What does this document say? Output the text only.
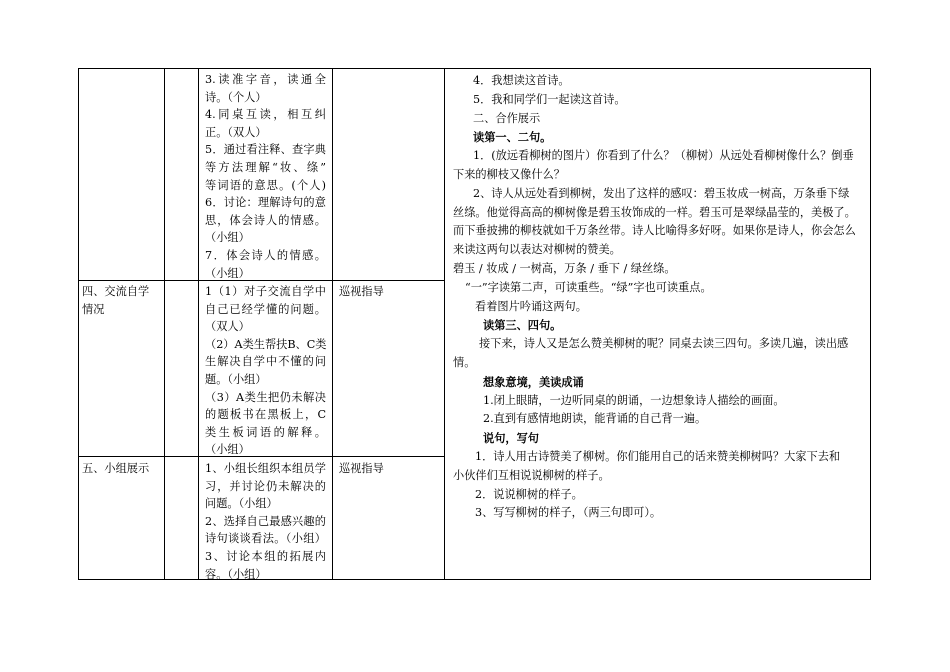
3.读准字音，读通全

诗。（个人）

4.同桌互读，相互纠

正。（双人）

5．通过看注释、查字典

等方法理解“妆、绦”

等词语的意思。(个人)

6．讨论：理解诗句的意

思，体会诗人的情感。

（小组）

7．体会诗人的情感。

（小组）

四、交流自学

情况

1（1）对子交流自学中

自己已经学懂的问题。

（双人）

（2）A类生帮扶B、C类

生解决自学中不懂的问

题。（小组）

（3）A类生把仍未解决

的题板书在黑板上，C

类生板词语的解释。

（小组）

巡视指导

五、小组展示	1、小组长组织本组员学

习，并讨论仍未解决的

问题。（小组）

2、选择自己最感兴趣的

诗句谈谈看法。（小组）

3、讨论本组的拓展内

容。（小组）

巡视指导

4．我想读这首诗。

5．我和同学们一起读这首诗。

二、合作展示

读第一、二句。

1．(放远看柳树的图片）你看到了什么？（柳树）从远处看柳树像什么？倒垂

下来的柳枝又像什么？

2、诗人从远处看到柳树，发出了这样的感叹：碧玉妆成一树高，万条垂下绿

丝绦。他觉得高高的柳树像是碧玉妆饰成的一样。碧玉可是翠绿晶莹的，美极了。

而下垂披拂的柳枝就如千万条丝带。诗人比喻得多好呀。如果你是诗人，你会怎么

来读这两句以表达对柳树的赞美。

碧玉 / 妆成 / 一树高，万条 / 垂下 / 绿丝绦。

“一”字读第二声，可读重些。“绿”字也可读重点。

看着图片吟诵这两句。

读第三、四句。

接下来，诗人又是怎么赞美柳树的呢？同桌去读三四句。多读几遍，读出感

情。

想象意境，美读成诵

1.闭上眼睛，一边听同桌的朗诵，一边想象诗人描绘的画面。

2.直到有感情地朗读，能背诵的自己背一遍。

说句，写句

1．诗人用古诗赞美了柳树。你们能用自己的话来赞美柳树吗？大家下去和

小伙伴们互相说说柳树的样子。

2．说说柳树的样子。

3、写写柳树的样子，（两三句即可）。
